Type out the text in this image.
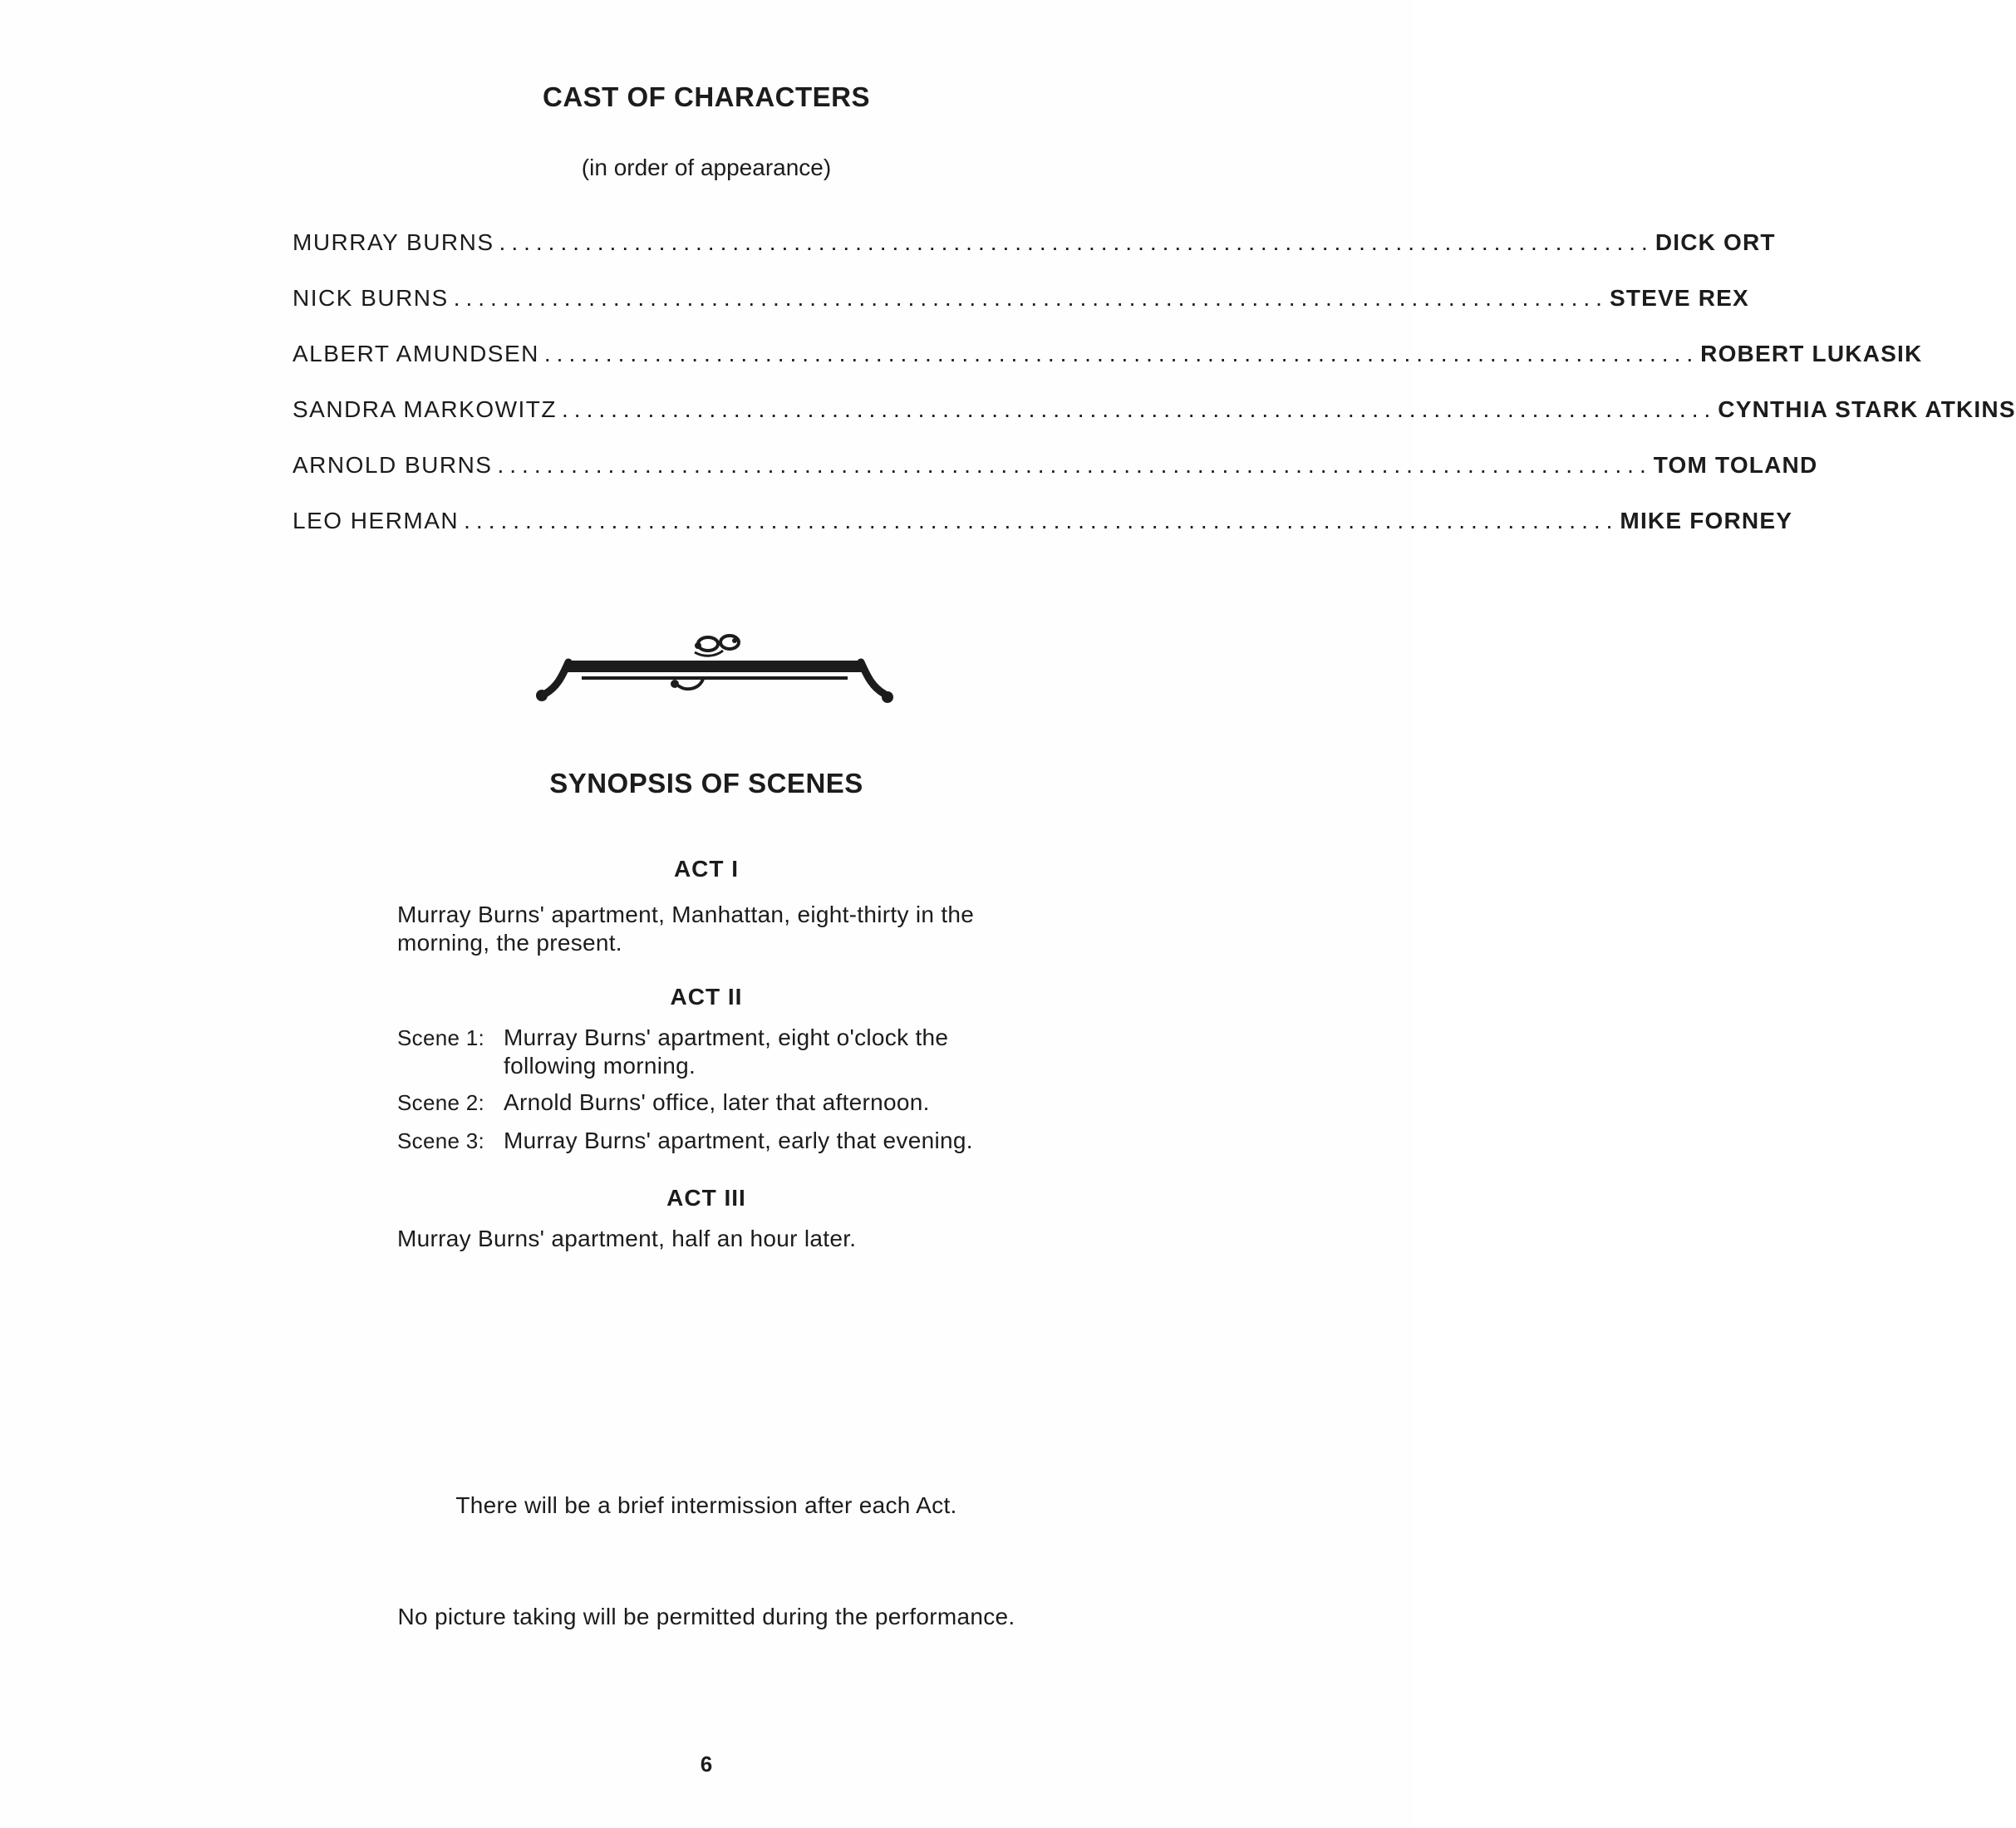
CAST OF CHARACTERS
(in order of appearance)
MURRAY BURNS .............................................................................................. DICK ORT
NICK BURNS .............................................................................................. STEVE REX
ALBERT AMUNDSEN .............................................................................................. ROBERT LUKASIK
SANDRA MARKOWITZ .............................................................................................. CYNTHIA STARK ATKINS
ARNOLD BURNS .............................................................................................. TOM TOLAND
LEO HERMAN .............................................................................................. MIKE FORNEY
SYNOPSIS OF SCENES
ACT I
Murray Burns' apartment, Manhattan, eight-thirty in the
morning, the present.
ACT II
Scene 1: Murray Burns' apartment, eight o'clock the
following morning.
Scene 2: Arnold Burns' office, later that afternoon.
Scene 3: Murray Burns' apartment, early that evening.
ACT III
Murray Burns' apartment, half an hour later.
There will be a brief intermission after each Act.
No picture taking will be permitted during the performance.
6
